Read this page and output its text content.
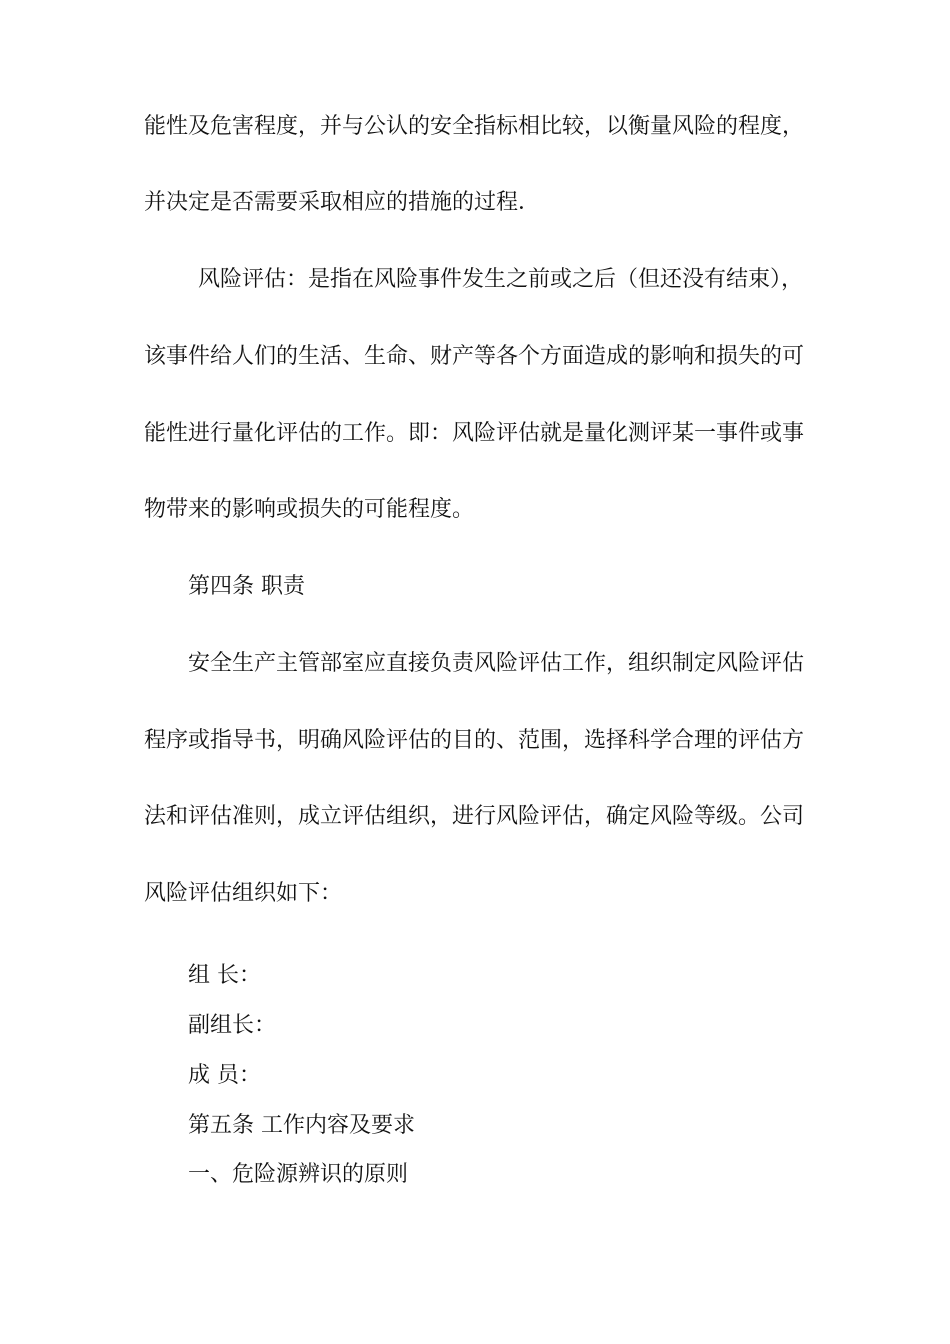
能性及危害程度，并与公认的安全指标相比较，以衡量风险的程度，
并决定是否需要采取相应的措施的过程．
风险评估：是指在风险事件发生之前或之后（但还没有结束），
该事件给人们的生活、生命、财产等各个方面造成的影响和损失的可
能性进行量化评估的工作。即：风险评估就是量化测评某一事件或事
物带来的影响或损失的可能程度。
第四条 职责
安全生产主管部室应直接负责风险评估工作，组织制定风险评估
程序或指导书，明确风险评估的目的、范围，选择科学合理的评估方
法和评估准则，成立评估组织，进行风险评估，确定风险等级。公司
风险评估组织如下：
组 长：
副组长：
成 员：
第五条 工作内容及要求
一、危险源辨识的原则
